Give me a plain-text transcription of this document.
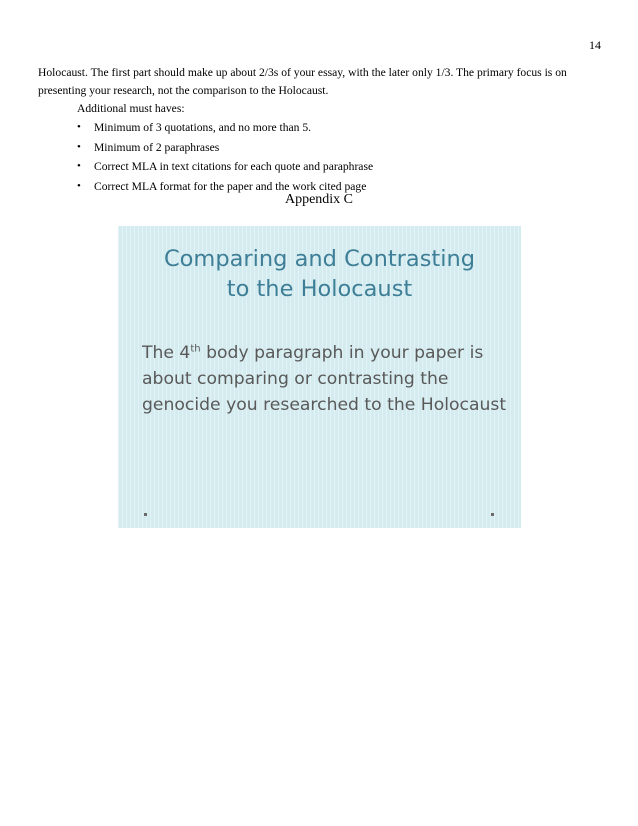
14

Holocaust. The first part should make up about 2/3s of your essay, with the later only 1/3. The primary focus is on presenting your research, not the comparison to the Holocaust.

Additional must haves:
• Minimum of 3 quotations, and no more than 5.
• Minimum of 2 paraphrases
• Correct MLA in text citations for each quote and paraphrase
• Correct MLA format for the paper and the work cited page
Appendix C
Comparing and Contrasting
to the Holocaust
The 4th body paragraph in your paper is about comparing or contrasting the genocide you researched to the Holocaust
